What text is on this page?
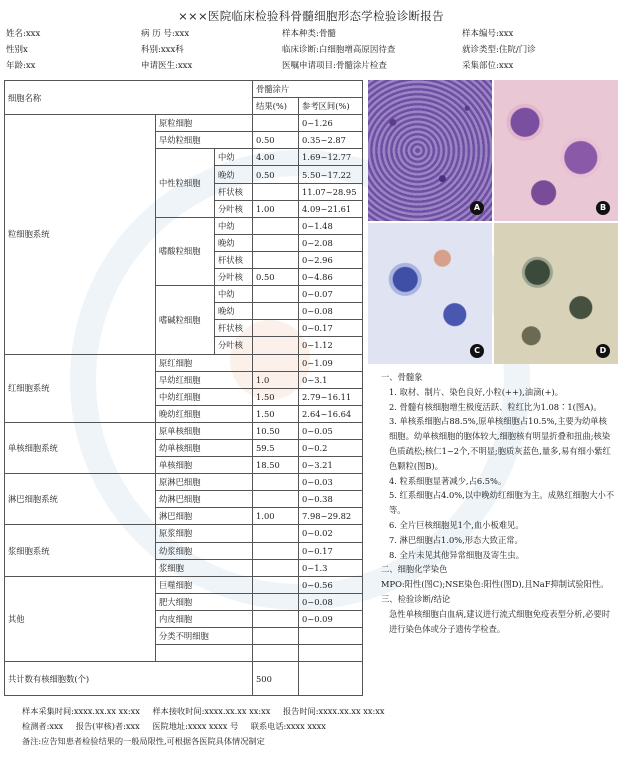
×××医院临床检验科骨髓细胞形态学检验诊断报告
姓名:xxx	病 历 号:xxx	样本种类:骨髓	样本编号:xxx
性别x	科别:xxx科	临床诊断:白细胞增高原因待查	就诊类型:住院/门诊
年龄:xx	申请医生:xxx	医嘱申请项目:骨髓涂片检查	采集部位:xxx
细胞名称			骨髓涂片	
			结果(%)	参考区间(%)
粒细胞系统	原粒细胞			0~1.26
	早幼粒细胞		0.50	0.35~2.87
	中性粒细胞	中幼	4.00	1.69~12.77
		晚幼	0.50	5.50~17.22
		杆状核		11.07~28.95
		分叶核	1.00	4.09~21.61
	嗜酸粒细胞	中幼		0~1.48
		晚幼		0~2.08
		杆状核		0~2.96
		分叶核	0.50	0~4.86
	嗜碱粒细胞	中幼		0~0.07
		晚幼		0~0.08
		杆状核		0~0.17
		分叶核		0~1.12
红细胞系统	原红细胞			0~1.09
	早幼红细胞		1.0	0~3.1
	中幼红细胞		1.50	2.79~16.11
	晚幼红细胞		1.50	2.64~16.64
单核细胞系统	原单核细胞		10.50	0~0.05
	幼单核细胞		59.5	0~0.2
	单核细胞		18.50	0~3.21
淋巴细胞系统	原淋巴细胞			0~0.03
	幼淋巴细胞			0~0.38
	淋巴细胞		1.00	7.98~29.82
浆细胞系统	原浆细胞			0~0.02
	幼浆细胞			0~0.17
	浆细胞			0~1.3
其他	巨噬细胞			0~0.56
	肥大细胞			0~0.08
	内皮细胞			0~0.09
	分类不明细胞			

共计数有核细胞数(个)			500	
A	B
C	D

一、骨髓象

1. 取材、制片、染色良好,小粒(++),油滴(+)。

2. 骨髓有核细胞增生极度活跃、粒红比为1.08∶1(图A)。

3. 单核系细胞占88.5%,原单核细胞占10.5%,主要为幼单核细胞。幼单核细胞的胞体较大,细胞核有明显折叠和扭曲;核染色质疏松;核仁1~2个,不明显;胞质灰蓝色,量多,易有细小紫红色颗粒(图B)。

4. 粒系细胞显著减少,占6.5%。

5. 红系细胞占4.0%,以中晚幼红细胞为主。成熟红细胞大小不等。

6. 全片巨核细胞见1个,血小板难见。

7. 淋巴细胞占1.0%,形态大致正常。

8. 全片未见其他异常细胞及寄生虫。

二、细胞化学染色

MPO:阳性(图C);NSE染色:阳性(图D),且NaF抑制试验阳性。

三、检验诊断/结论

急性单核细胞白血病,建议进行流式细胞免疫表型分析,必要时进行染色体或分子遗传学检查。

样本采集时间:xxxx.xx.xx xx:xx 样本接收时间:xxxx.xx.xx xx:xx 报告时间:xxxx.xx.xx xx:xx
检测者:xxx 报告(审核)者:xxx 医院地址:xxxx xxxx 号 联系电话:xxxx xxxx
备注:应告知患者检验结果的一般局限性,可根据各医院具体情况制定
